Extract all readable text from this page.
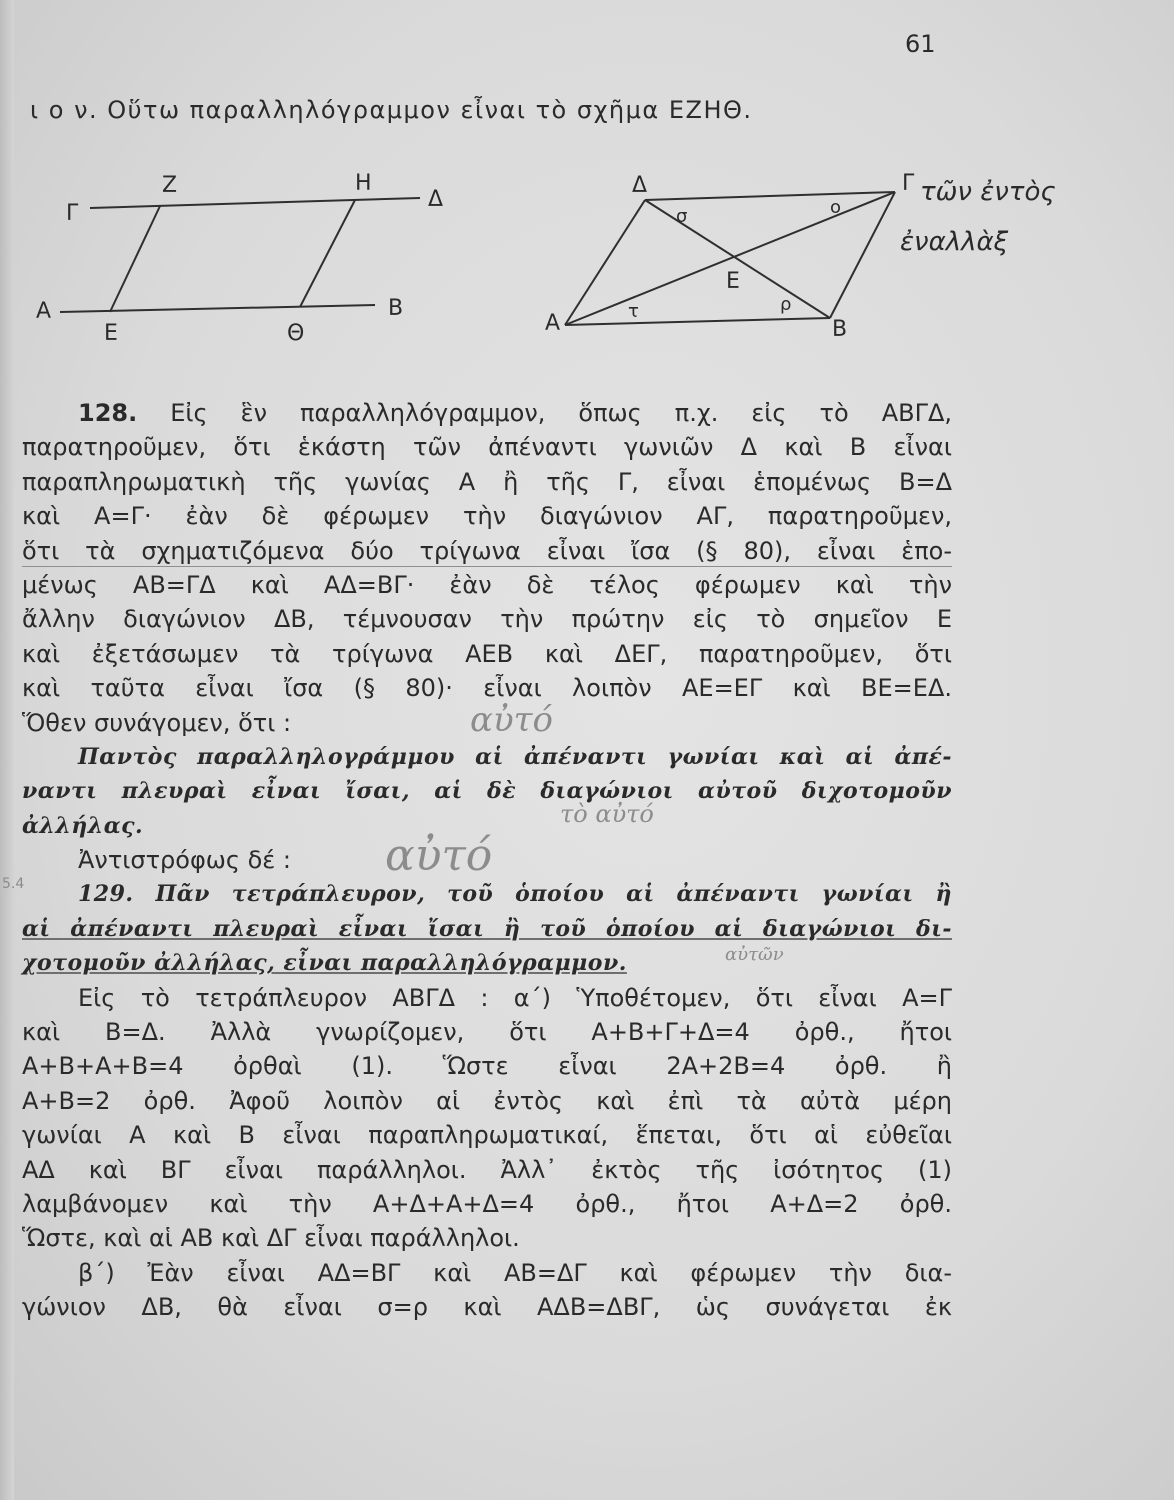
61
ι ο ν. Οὕτω παραλληλόγραμμον εἶναι τὸ σχῆμα ΕΖΗΘ.
Γ
Ζ	Η
Δ
Α
Ε	Θ
Β
Δ	Γ
Α	Β
Ε
σ	ο
τ	ρ
τῶν ἐντὸς
ἐναλλὰξ
128. Εἰς ἓν παραλληλόγραμμον, ὅπως π.χ. εἰς τὸ ΑΒΓΔ,
παρατηροῦμεν, ὅτι ἑκάστη τῶν ἀπέναντι γωνιῶν Δ καὶ Β εἶναι
παραπληρωματικὴ τῆς γωνίας Α ἢ τῆς Γ, εἶναι ἑπομένως Β=Δ
καὶ Α=Γ· ἐὰν δὲ φέρωμεν τὴν διαγώνιον ΑΓ, παρατηροῦμεν,
ὅτι τὰ σχηματιζόμενα δύο τρίγωνα εἶναι ἴσα (§ 80), εἶναι ἑπο-
μένως ΑΒ=ΓΔ καὶ ΑΔ=ΒΓ· ἐὰν δὲ τέλος φέρωμεν καὶ τὴν
ἄλλην διαγώνιον ΔΒ, τέμνουσαν τὴν πρώτην εἰς τὸ σημεῖον Ε
καὶ ἐξετάσωμεν τὰ τρίγωνα ΑΕΒ καὶ ΔΕΓ, παρατηροῦμεν, ὅτι
καὶ ταῦτα εἶναι ἴσα (§ 80)· εἶναι λοιπὸν ΑΕ=ΕΓ καὶ ΒΕ=ΕΔ.
Ὅθεν συνάγομεν, ὅτι :
Παντὸς παραλληλογράμμου αἱ ἀπέναντι γωνίαι καὶ αἱ ἀπέ-
ναντι πλευραὶ εἶναι ἴσαι, αἱ δὲ διαγώνιοι αὐτοῦ διχοτομοῦν
ἀλλήλας.
Ἀντιστρόφως δέ :
129. Πᾶν τετράπλευρον, τοῦ ὁποίου αἱ ἀπέναντι γωνίαι ἢ
αἱ ἀπέναντι πλευραὶ εἶναι ἴσαι ἢ τοῦ ὁποίου αἱ διαγώνιοι δι-
χοτομοῦν ἀλλήλας, εἶναι παραλληλόγραμμον.
Εἰς τὸ τετράπλευρον ΑΒΓΔ : α΄) Ὑποθέτομεν, ὅτι εἶναι Α=Γ
καὶ Β=Δ. Ἀλλὰ γνωρίζομεν, ὅτι Α+Β+Γ+Δ=4 ὀρθ., ἤτοι
Α+Β+Α+Β=4 ὀρθαὶ (1). Ὥστε εἶναι 2Α+2Β=4 ὀρθ. ἢ
Α+Β=2 ὀρθ. Ἀφοῦ λοιπὸν αἱ ἐντὸς καὶ ἐπὶ τὰ αὐτὰ μέρη
γωνίαι Α καὶ Β εἶναι παραπληρωματικαί, ἕπεται, ὅτι αἱ εὐθεῖαι
ΑΔ καὶ ΒΓ εἶναι παράλληλοι. Ἀλλ᾽ ἐκτὸς τῆς ἰσότητος (1)
λαμβάνομεν καὶ τὴν Α+Δ+Α+Δ=4 ὀρθ., ἤτοι Α+Δ=2 ὀρθ.
Ὥστε, καὶ αἱ ΑΒ καὶ ΔΓ εἶναι παράλληλοι.
β΄) Ἐὰν εἶναι ΑΔ=ΒΓ καὶ ΑΒ=ΔΓ καὶ φέρωμεν τὴν δια-
γώνιον ΔΒ, θὰ εἶναι σ=ρ καὶ ΑΔΒ=ΔΒΓ, ὡς συνάγεται ἐκ
αὐτό
τὸ αὐτό
αὐτό
αὐτῶν
5.4
